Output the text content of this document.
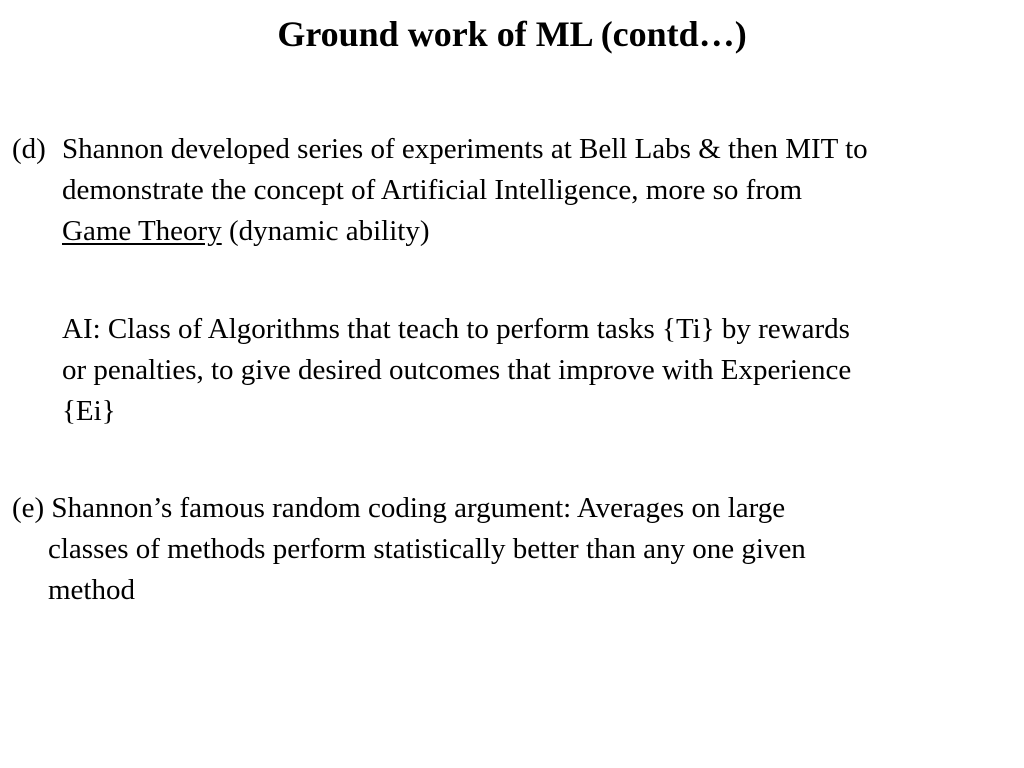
Ground work of ML (contd…)
(d) Shannon developed series of experiments at Bell Labs & then MIT to
demonstrate the concept of Artificial Intelligence, more so from
Game Theory (dynamic ability)
AI: Class of Algorithms that teach to perform tasks {Ti} by rewards
or penalties, to give desired outcomes that improve with Experience
{Ei}
(e) Shannon’s famous random coding argument: Averages on large
classes of methods perform statistically better than any one given
method
